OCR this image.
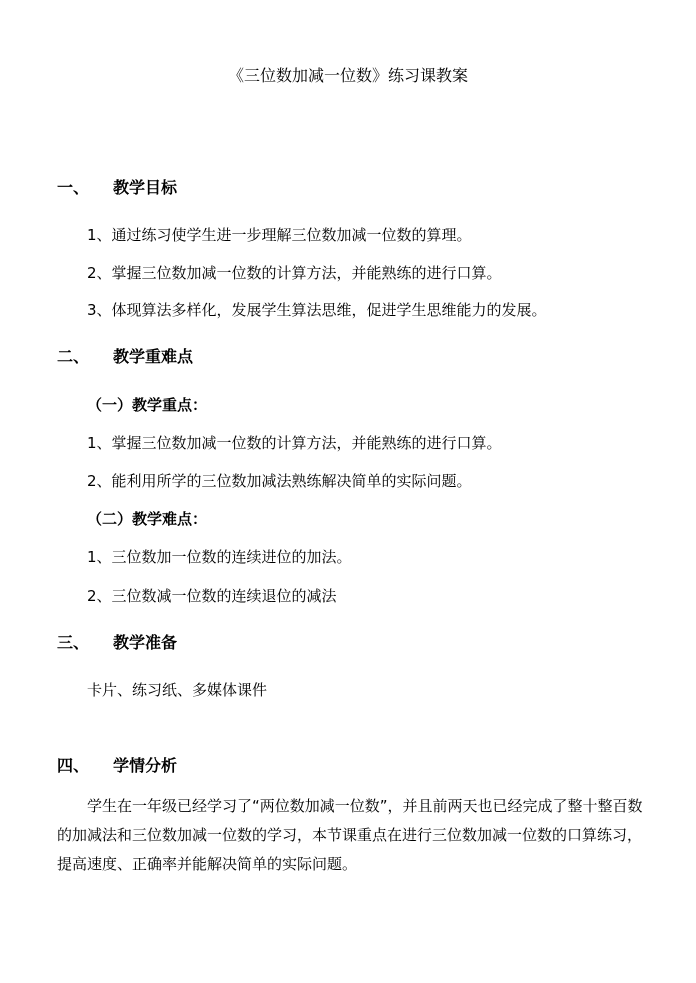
《三位数加减一位数》练习课教案
一、 教学目标
1、通过练习使学生进一步理解三位数加减一位数的算理。
2、掌握三位数加减一位数的计算方法，并能熟练的进行口算。
3、体现算法多样化，发展学生算法思维，促进学生思维能力的发展。
二、 教学重难点
（一）教学重点：
1、掌握三位数加减一位数的计算方法，并能熟练的进行口算。
2、能利用所学的三位数加减法熟练解决简单的实际问题。
（二）教学难点：
1、三位数加一位数的连续进位的加法。
2、三位数减一位数的连续退位的减法
三、 教学准备
卡片、练习纸、多媒体课件
四、 学情分析
学生在一年级已经学习了“两位数加减一位数”，并且前两天也已经完成了整十整百数的加减法和三位数加减一位数的学习，本节课重点在进行三位数加减一位数的口算练习，提高速度、正确率并能解决简单的实际问题。
